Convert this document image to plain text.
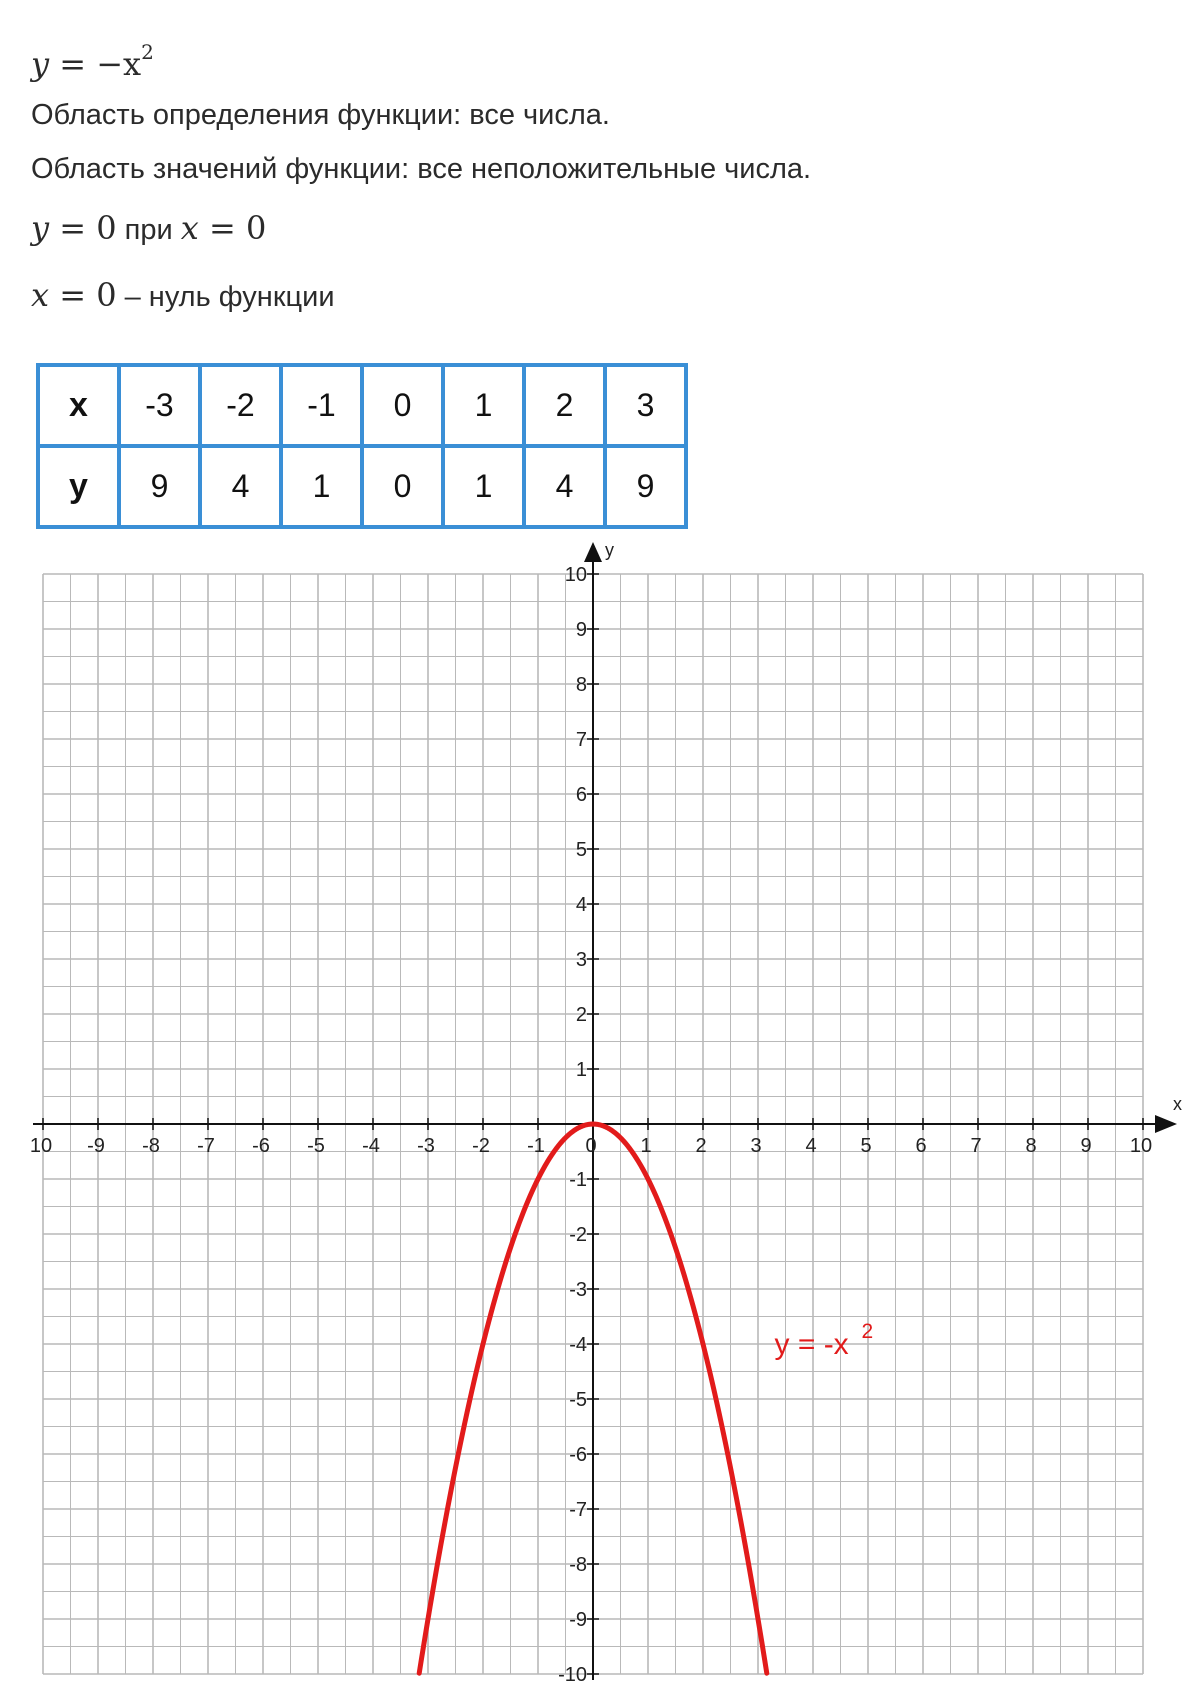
$y = -x^2$
Область определения функции: все числа.
Область значений функции: все неположительные числа.
y = 0 при x = 0
x = 0 – нуль функции
x	-3	-2	-1	0	1	2	3
y	9	4	1	0	1	4	9
x
y
10 -9 -8 -7 -6 -5 -4 -3 -2 -1 0 1 2 3 4 5 6 7 8 9 10
-10
-9
-8
-7
-6
-5
-4
-3
-2
-1
1
2
3
4
5
6
7
8
9
10
y = -x 2
